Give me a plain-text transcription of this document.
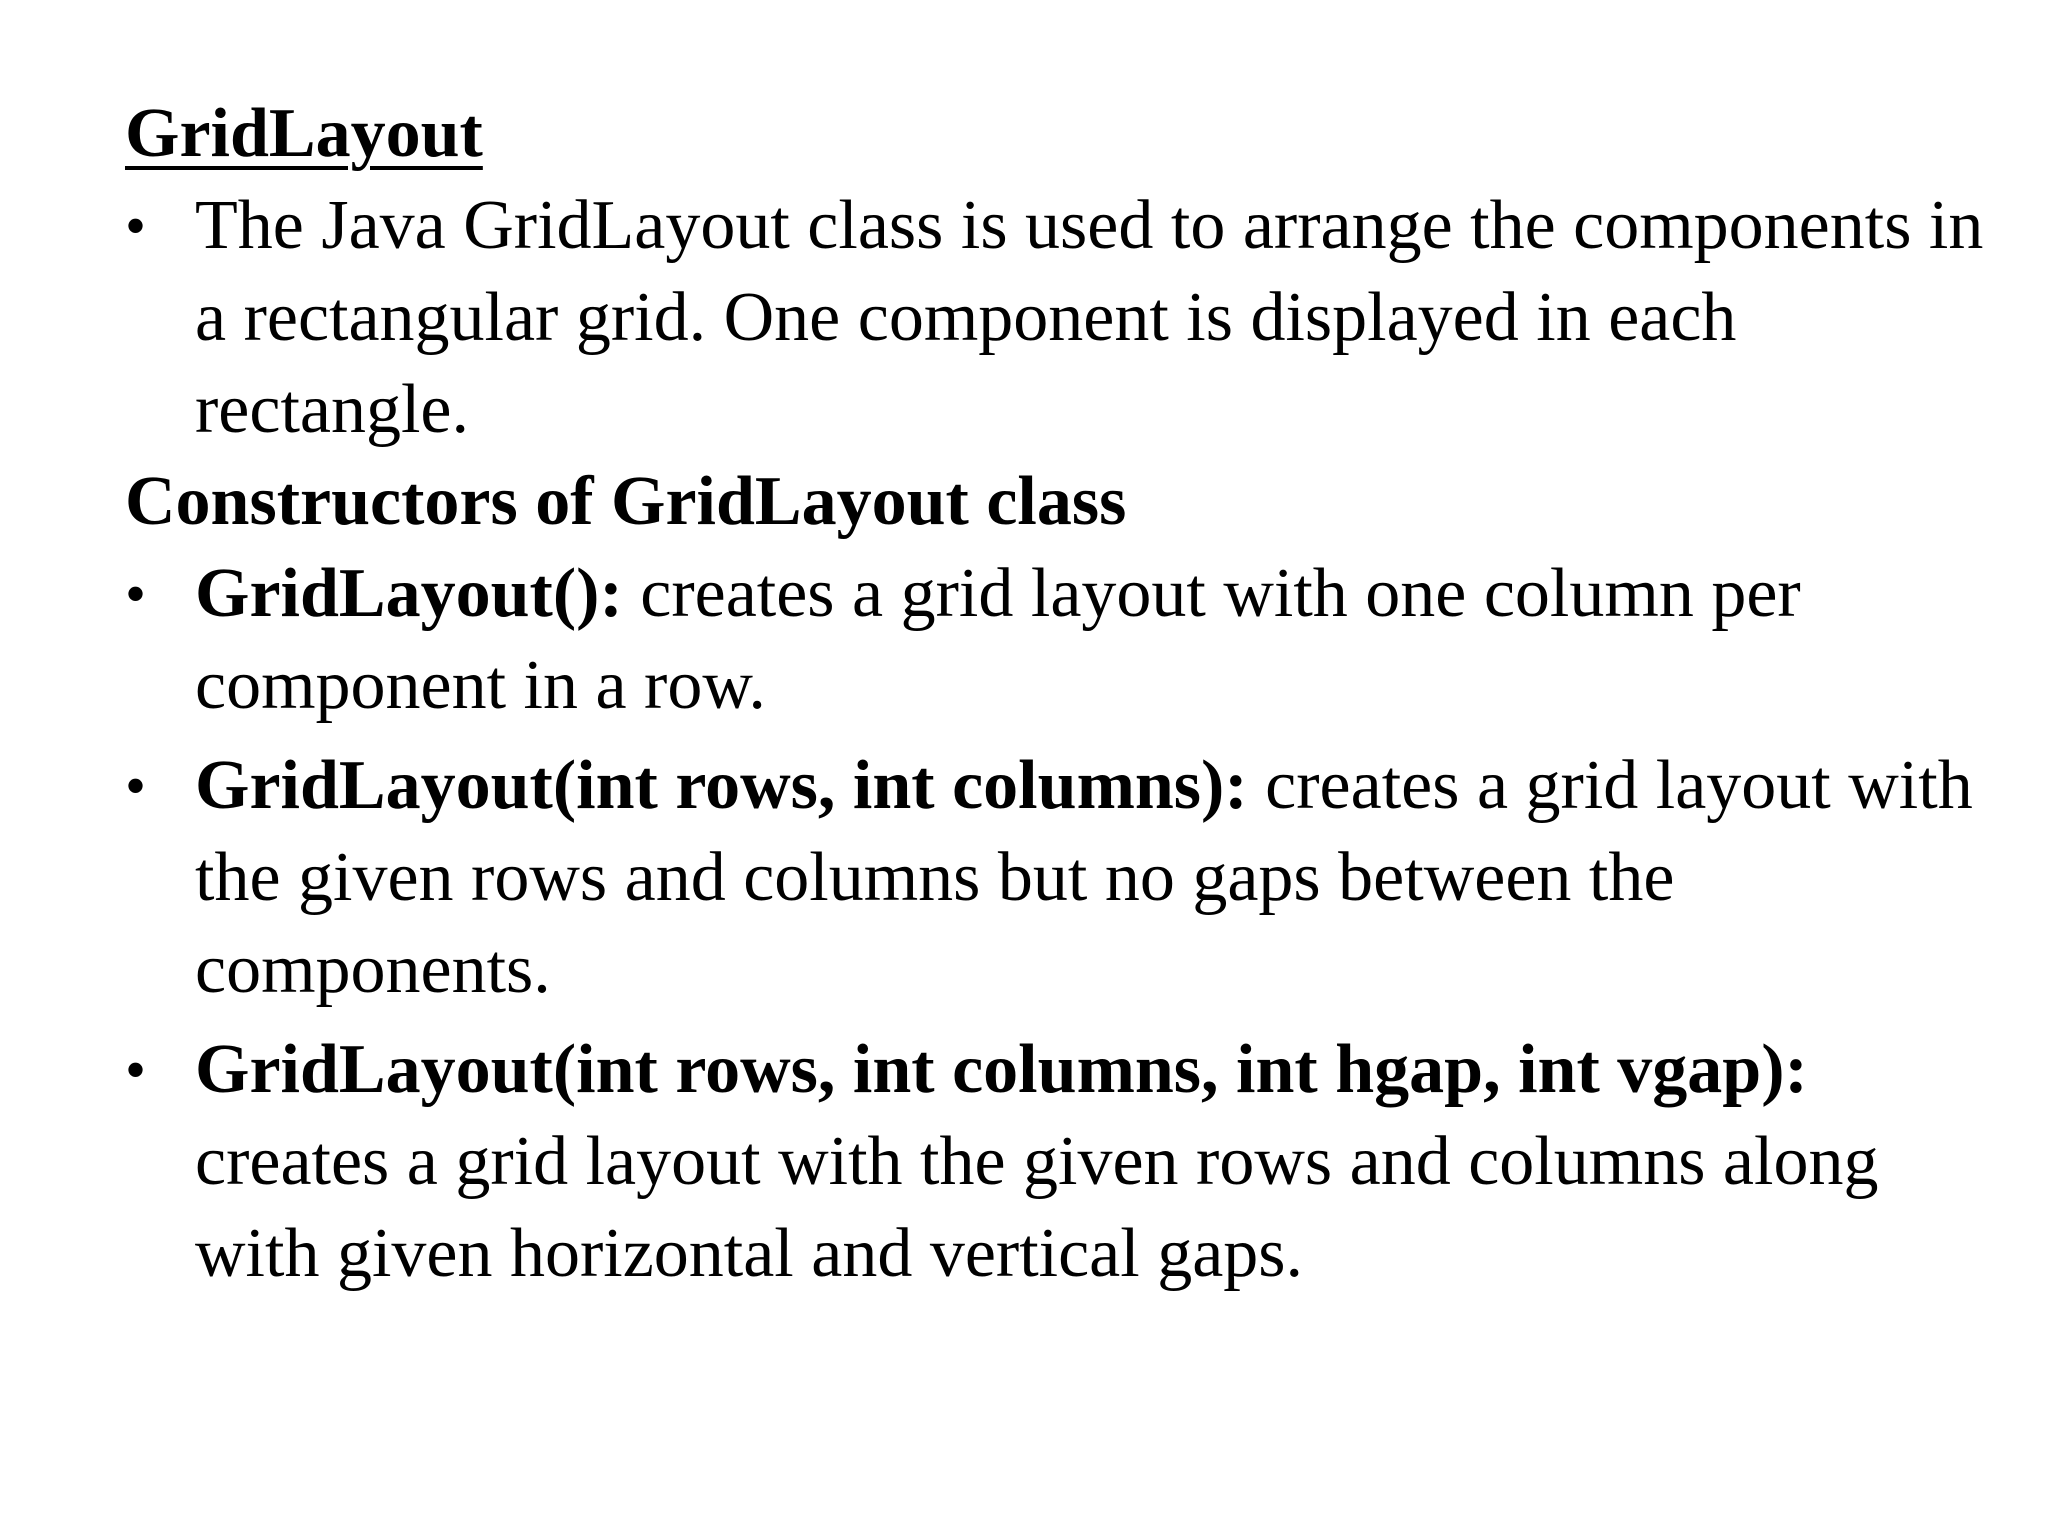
GridLayout
• The Java GridLayout class is used to arrange the components in a rectangular grid. One component is displayed in each rectangle.
Constructors of GridLayout class
• GridLayout(): creates a grid layout with one column per component in a row.
• GridLayout(int rows, int columns): creates a grid layout with the given rows and columns but no gaps between the components.
• GridLayout(int rows, int columns, int hgap, int vgap): creates a grid layout with the given rows and columns along with given horizontal and vertical gaps.
